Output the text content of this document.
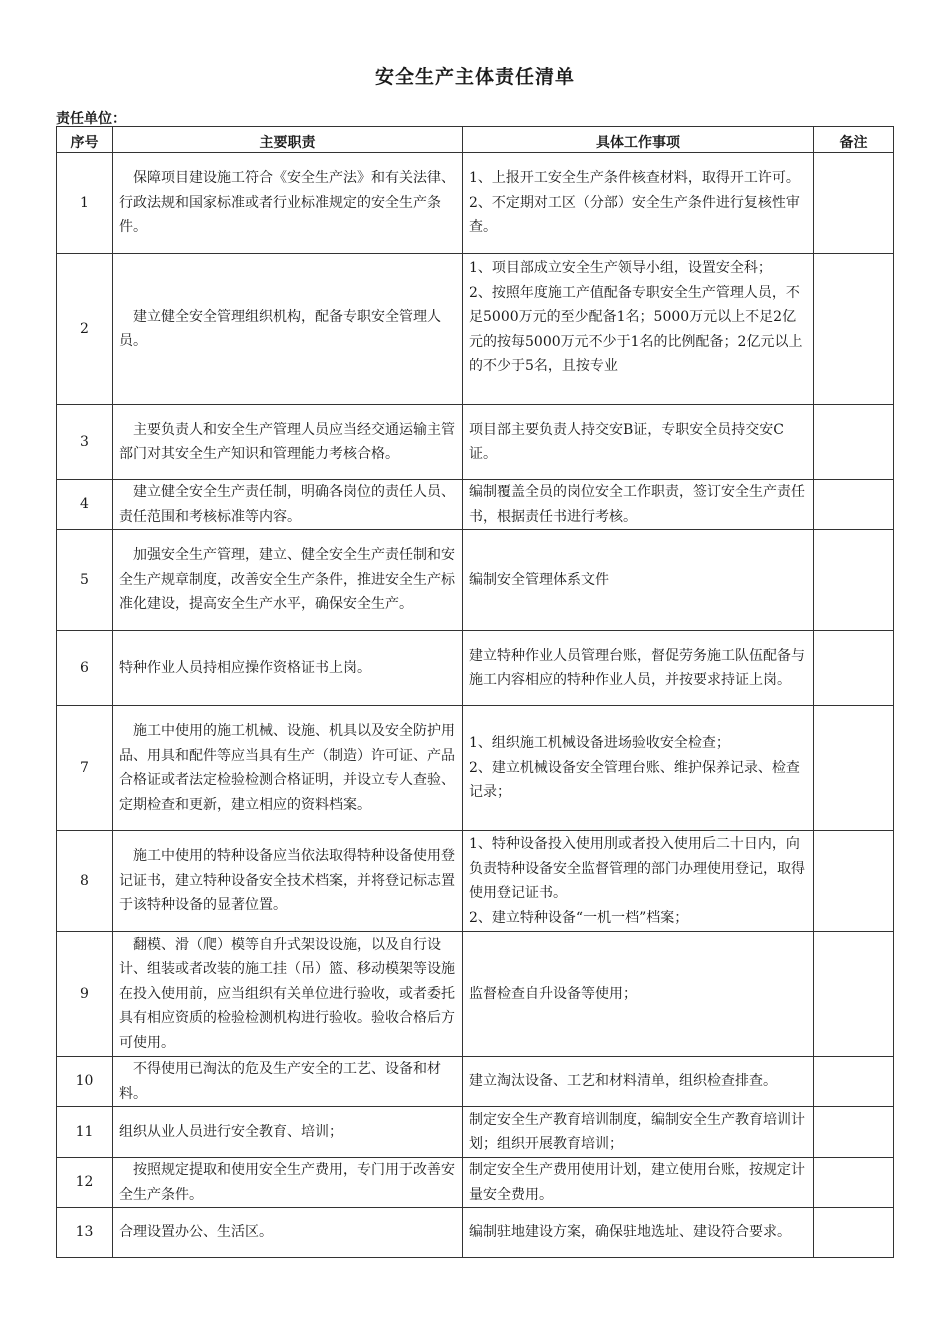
安全生产主体责任清单
责任单位：
序号	主要职责	具体工作事项	备注
1	保障项目建设施工符合《安全生产法》和有关法律、行政法规和国家标准或者行业标准规定的安全生产条件。	1、上报开工安全生产条件核查材料，取得开工许可。
2、不定期对工区（分部）安全生产条件进行复核性审查。	

2	建立健全安全管理组织机构，配备专职安全管理人员。	1、项目部成立安全生产领导小组，设置安全科；
2、按照年度施工产值配备专职安全生产管理人员，不足5000万元的至少配备1名；5000万元以上不足2亿元的按每5000万元不少于1名的比例配备；2亿元以上的不少于5名，且按专业	

3	主要负责人和安全生产管理人员应当经交通运输主管部门对其安全生产知识和管理能力考核合格。	项目部主要负责人持交安B证，专职安全员持交安C证。	

4	建立健全安全生产责任制，明确各岗位的责任人员、责任范围和考核标准等内容。	编制覆盖全员的岗位安全工作职责，签订安全生产责任书，根据责任书进行考核。	

5	加强安全生产管理，建立、健全安全生产责任制和安全生产规章制度，改善安全生产条件，推进安全生产标准化建设，提高安全生产水平，确保安全生产。	编制安全管理体系文件	

6	特种作业人员持相应操作资格证书上岗。	建立特种作业人员管理台账，督促劳务施工队伍配备与施工内容相应的特种作业人员，并按要求持证上岗。	

7	施工中使用的施工机械、设施、机具以及安全防护用品、用具和配件等应当具有生产（制造）许可证、产品合格证或者法定检验检测合格证明，并设立专人查验、定期检查和更新，建立相应的资料档案。	1、组织施工机械设备进场验收安全检查；
2、建立机械设备安全管理台账、维护保养记录、检查记录；	

8	施工中使用的特种设备应当依法取得特种设备使用登记证书，建立特种设备安全技术档案，并将登记标志置于该特种设备的显著位置。	1、特种设备投入使用刖或者投入使用后二十日内，向负责特种设备安全监督管理的部门办理使用登记，取得使用登记证书。
2、建立特种设备“一机一档”档案；	

9	翻模、滑（爬）模等自升式架设设施，以及自行设计、组装或者改装的施工挂（吊）篮、移动模架等设施在投入使用前，应当组织有关单位进行验收，或者委托具有相应资质的检验检测机构进行验收。验收合格后方可使用。	监督检查自升设备等使用；	

10	不得使用已淘汰的危及生产安全的工艺、设备和材料。	建立淘汰设备、工艺和材料清单，组织检查排查。	

11	组织从业人员进行安全教育、培训；	制定安全生产教育培训制度，编制安全生产教育培训计划；组织开展教育培训；	

12	按照规定提取和使用安全生产费用，专门用于改善安全生产条件。	制定安全生产费用使用计划，建立使用台账，按规定计量安全费用。	

13	合理设置办公、生活区。	编制驻地建设方案，确保驻地选址、建设符合要求。	
